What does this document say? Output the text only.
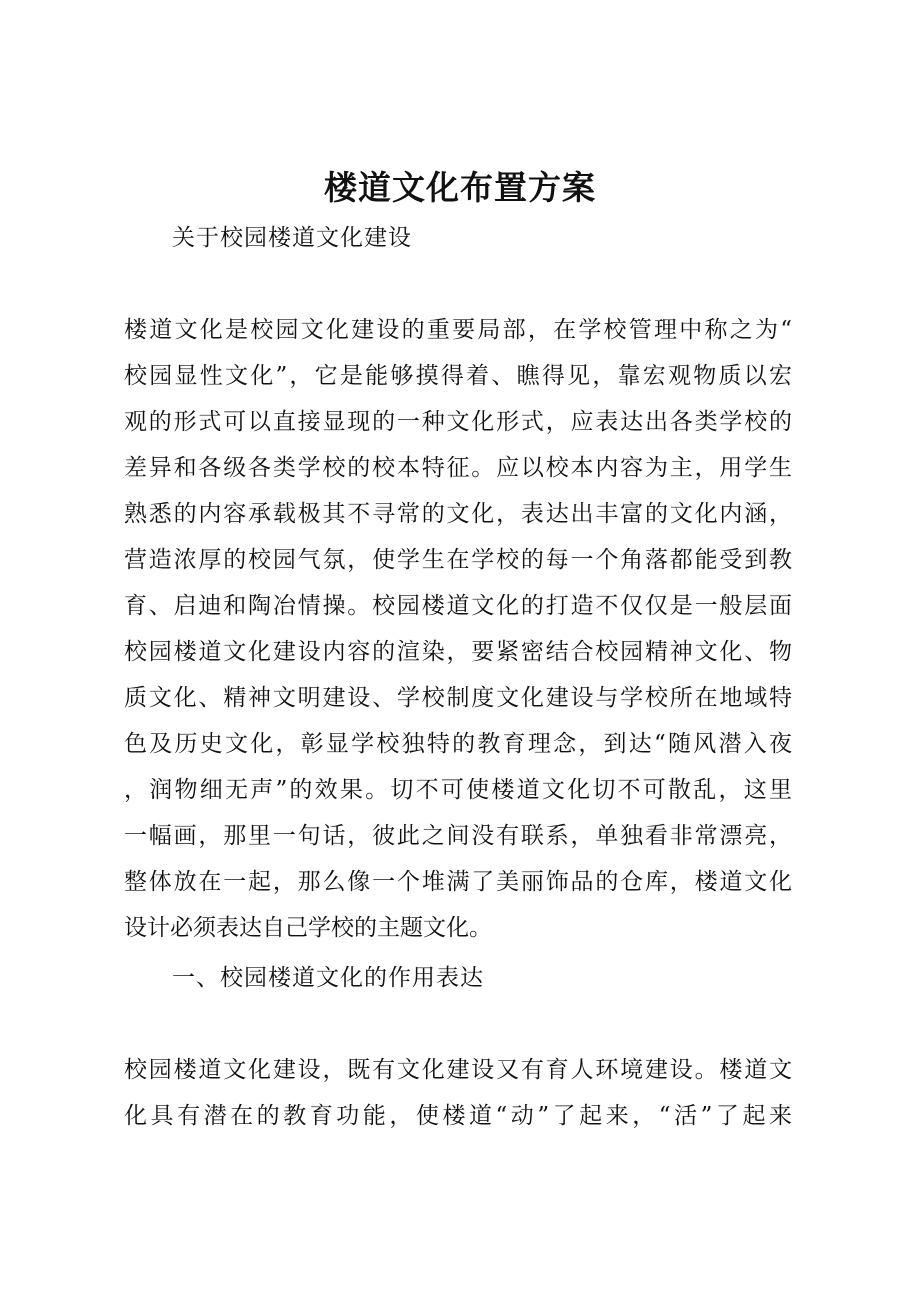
楼道文化布置方案
关于校园楼道文化建设
楼道文化是校园文化建设的重要局部，在学校管理中称之为“
校园显性文化”，它是能够摸得着、瞧得见，靠宏观物质以宏
观的形式可以直接显现的一种文化形式，应表达出各类学校的
差异和各级各类学校的校本特征。应以校本内容为主，用学生
熟悉的内容承载极其不寻常的文化，表达出丰富的文化内涵，
营造浓厚的校园气氛，使学生在学校的每一个角落都能受到教
育、启迪和陶冶情操。校园楼道文化的打造不仅仅是一般层面
校园楼道文化建设内容的渲染，要紧密结合校园精神文化、物
质文化、精神文明建设、学校制度文化建设与学校所在地域特
色及历史文化，彰显学校独特的教育理念，到达“随风潜入夜
，润物细无声”的效果。切不可使楼道文化切不可散乱，这里
一幅画，那里一句话，彼此之间没有联系，单独看非常漂亮，
整体放在一起，那么像一个堆满了美丽饰品的仓库，楼道文化
设计必须表达自己学校的主题文化。
一、校园楼道文化的作用表达
校园楼道文化建设，既有文化建设又有育人环境建设。楼道文
化具有潜在的教育功能，使楼道“动”了起来，“活”了起来
